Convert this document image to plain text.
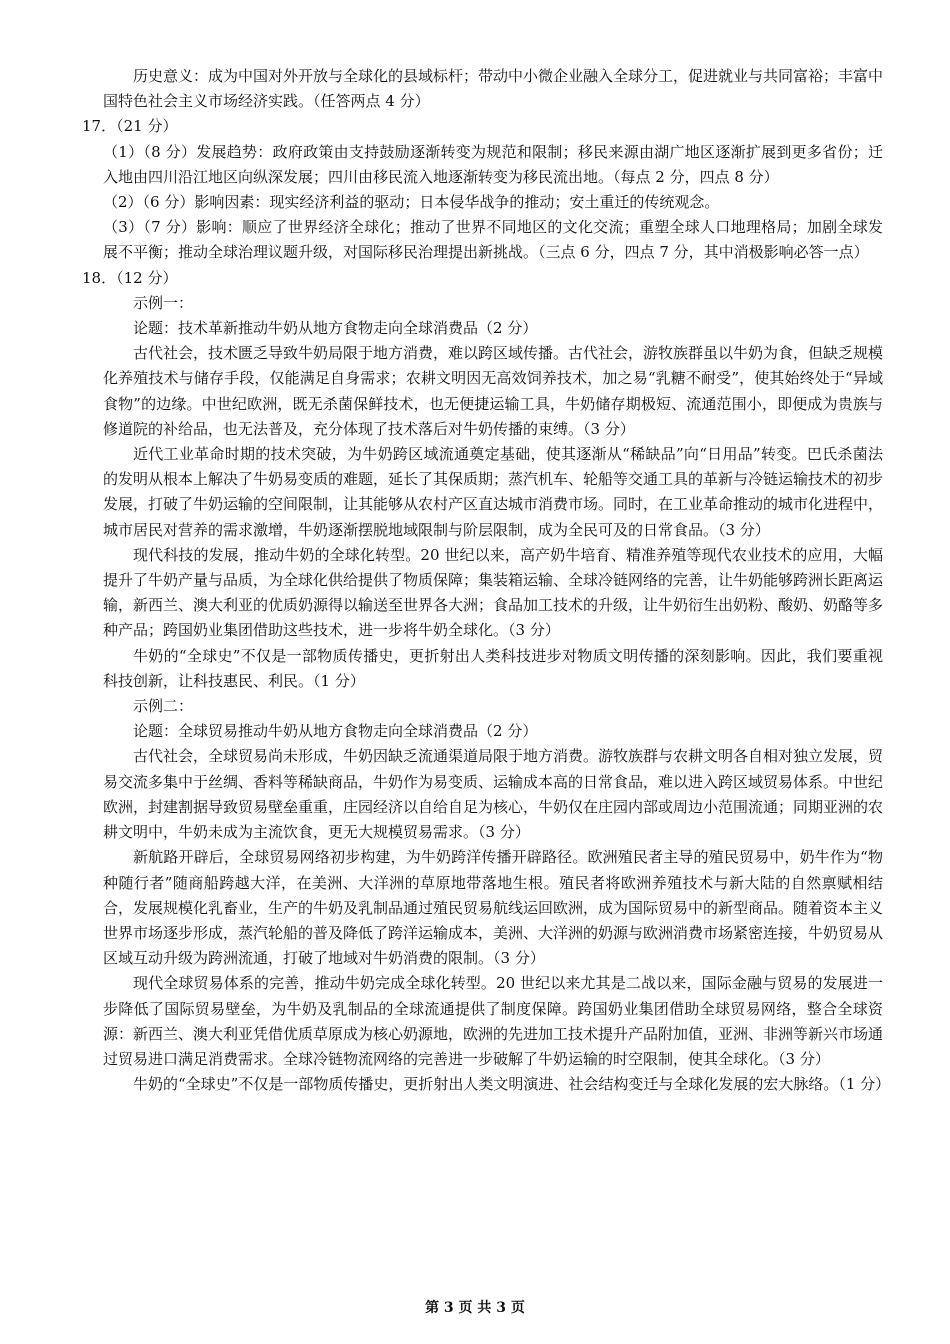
历史意义：成为中国对外开放与全球化的县域标杆；带动中小微企业融入全球分工，促进就业与共同富裕；丰富中国特色社会主义市场经济实践。（任答两点 4 分）

17．（21 分）

（1）（8 分）发展趋势：政府政策由支持鼓励逐渐转变为规范和限制；移民来源由湖广地区逐渐扩展到更多省份；迁入地由四川沿江地区向纵深发展；四川由移民流入地逐渐转变为移民流出地。（每点 2 分，四点 8 分）

（2）（6 分）影响因素：现实经济利益的驱动；日本侵华战争的推动；安土重迁的传统观念。

（3）（7 分）影响：顺应了世界经济全球化；推动了世界不同地区的文化交流；重塑全球人口地理格局；加剧全球发展不平衡；推动全球治理议题升级，对国际移民治理提出新挑战。（三点 6 分，四点 7 分，其中消极影响必答一点）

18．（12 分）

示例一：

论题：技术革新推动牛奶从地方食物走向全球消费品（2 分）

古代社会，技术匮乏导致牛奶局限于地方消费，难以跨区域传播。古代社会，游牧族群虽以牛奶为食，但缺乏规模化养殖技术与储存手段，仅能满足自身需求；农耕文明因无高效饲养技术，加之易“乳糖不耐受”，使其始终处于“异域食物”的边缘。中世纪欧洲，既无杀菌保鲜技术，也无便捷运输工具，牛奶储存期极短、流通范围小，即便成为贵族与修道院的补给品，也无法普及，充分体现了技术落后对牛奶传播的束缚。（3 分）

近代工业革命时期的技术突破，为牛奶跨区域流通奠定基础，使其逐渐从“稀缺品”向“日用品”转变。巴氏杀菌法的发明从根本上解决了牛奶易变质的难题，延长了其保质期；蒸汽机车、轮船等交通工具的革新与冷链运输技术的初步发展，打破了牛奶运输的空间限制，让其能够从农村产区直达城市消费市场。同时，在工业革命推动的城市化进程中，城市居民对营养的需求激增，牛奶逐渐摆脱地域限制与阶层限制，成为全民可及的日常食品。（3 分）

现代科技的发展，推动牛奶的全球化转型。20 世纪以来，高产奶牛培育、精准养殖等现代农业技术的应用，大幅提升了牛奶产量与品质，为全球化供给提供了物质保障；集装箱运输、全球冷链网络的完善，让牛奶能够跨洲长距离运输，新西兰、澳大利亚的优质奶源得以输送至世界各大洲；食品加工技术的升级，让牛奶衍生出奶粉、酸奶、奶酪等多种产品；跨国奶业集团借助这些技术，进一步将牛奶全球化。（3 分）

牛奶的“全球史”不仅是一部物质传播史，更折射出人类科技进步对物质文明传播的深刻影响。因此，我们要重视科技创新，让科技惠民、利民。（1 分）

示例二：

论题：全球贸易推动牛奶从地方食物走向全球消费品（2 分）

古代社会，全球贸易尚未形成，牛奶因缺乏流通渠道局限于地方消费。游牧族群与农耕文明各自相对独立发展，贸易交流多集中于丝绸、香料等稀缺商品，牛奶作为易变质、运输成本高的日常食品，难以进入跨区域贸易体系。中世纪欧洲，封建割据导致贸易壁垒重重，庄园经济以自给自足为核心，牛奶仅在庄园内部或周边小范围流通；同期亚洲的农耕文明中，牛奶未成为主流饮食，更无大规模贸易需求。（3 分）

新航路开辟后，全球贸易网络初步构建，为牛奶跨洋传播开辟路径。欧洲殖民者主导的殖民贸易中，奶牛作为“物种随行者”随商船跨越大洋，在美洲、大洋洲的草原地带落地生根。殖民者将欧洲养殖技术与新大陆的自然禀赋相结合，发展规模化乳畜业，生产的牛奶及乳制品通过殖民贸易航线运回欧洲，成为国际贸易中的新型商品。随着资本主义世界市场逐步形成，蒸汽轮船的普及降低了跨洋运输成本，美洲、大洋洲的奶源与欧洲消费市场紧密连接，牛奶贸易从区域互动升级为跨洲流通，打破了地域对牛奶消费的限制。（3 分）

现代全球贸易体系的完善，推动牛奶完成全球化转型。20 世纪以来尤其是二战以来，国际金融与贸易的发展进一步降低了国际贸易壁垒，为牛奶及乳制品的全球流通提供了制度保障。跨国奶业集团借助全球贸易网络，整合全球资源：新西兰、澳大利亚凭借优质草原成为核心奶源地，欧洲的先进加工技术提升产品附加值，亚洲、非洲等新兴市场通过贸易进口满足消费需求。全球冷链物流网络的完善进一步破解了牛奶运输的时空限制，使其全球化。（3 分）

牛奶的“全球史”不仅是一部物质传播史，更折射出人类文明演进、社会结构变迁与全球化发展的宏大脉络。（1 分）

第 3 页 共 3 页
